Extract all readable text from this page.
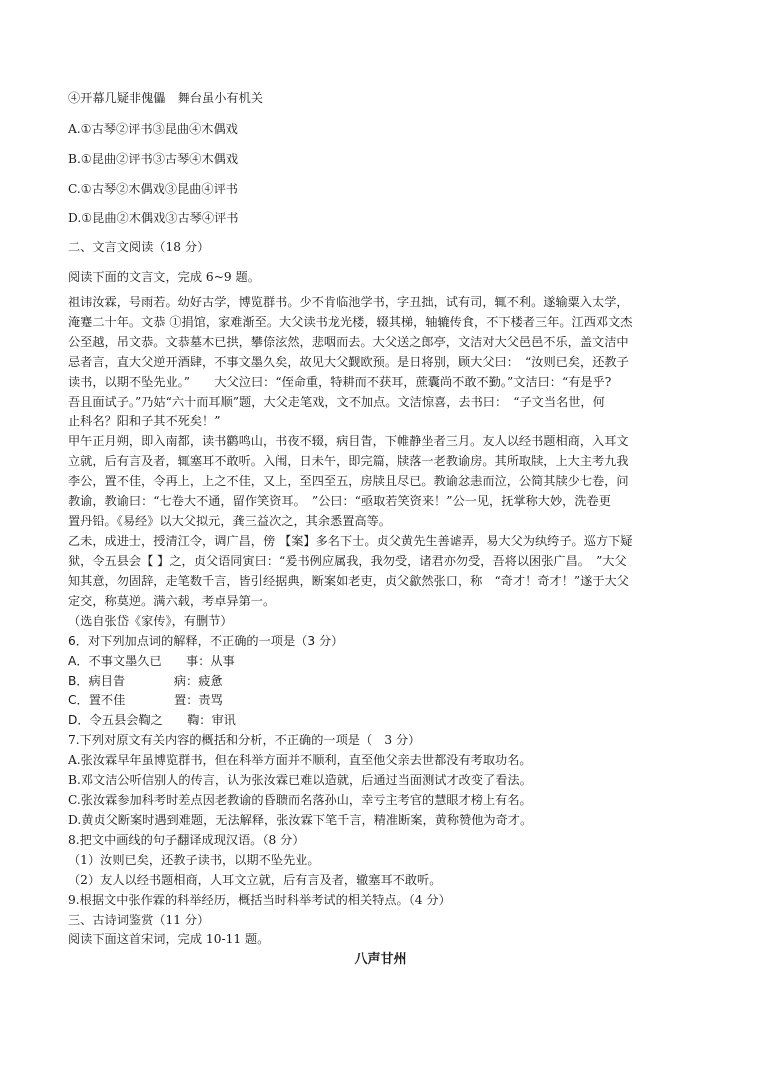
④开幕几疑非傀儡　舞台虽小有机关
A.①古琴②评书③昆曲④木偶戏
B.①昆曲②评书③古琴④木偶戏
C.①古琴②木偶戏③昆曲④评书
D.①昆曲②木偶戏③古琴④评书
二、文言文阅读（18 分）
阅读下面的文言文，完成 6~9 题。
祖讳汝霖，号雨若。幼好古学，博览群书。少不肯临池学书，字丑拙，试有司，辄不利。遂输粟入太学，
淹蹇二十年。文恭 ①捐馆，家难渐至。大父读书龙光楼，辍其梯，轴辘传食，不下楼者三年。江西邓文杰
公至越，吊文恭。文恭墓木已拱，攀倷泫然，悲咽而去。大父送之郎亭，文洁对大父邑邑不乐，盖文洁中
忌者言，直大父逆开酒肆，不事文墨久矣，故见大父觐欧预。是日将别，顾大父曰：　“汝则已矣，还教子
读书，以期不坠先业。”　　大父泣曰：“侄命重，特耕而不获耳，蔗囊尚不敢不勤。”文洁曰：“有是乎?
吾且面试子。”乃姑“六十而耳顺”题，大父走笔戏，文不加点。文洁惊喜，去书曰：　“子文当名世，何
止科名？阳和子其不死矣！”
甲午正月朔，即入南都，读书鹳鸣山，书夜不辍，病目眚，下帷静坐者三月。友人以经书题相商，入耳文
立就，后有言及者，辄塞耳不敢听。入闱，日未午，即完篇，牍落一老教谕房。其所取牍，上大主考九我
李公，置不佳，令再上，上之不佳，又上，至四至五，房牍且尽已。教谕忿恚而泣，公简其牍少七卷，问
教谕，教谕曰：“七卷大不通，留作笑资耳。　”公曰：“亟取若笑资来！”公一见，抚掌称大妙，洗卷更
置丹铅。《易经》以大父拟元，龚三益次之，其余悉置高等。
乙未，成进士，授清江令，调广昌，傍 【案】多名下士。贞父黄先生善谑弄，易大父为纨绔子。巡方下疑
狱，令五县会【 】之，贞父语同寅曰：“爰书例应属我，我勿受，诸君亦勿受，吾将以困张广昌。　”大父
知其意，勿固辞，走笔数千言，皆引经据典，断案如老吏，贞父歙然张口，称　“奇才！奇才！”遂于大父
定交，称莫逆。满六载，考卓异第一。
（选自张岱《家传》，有删节）
6．对下列加点词的解释，不正确的一项是（3 分）
A．不事文墨久已　　事：从事
B．病目眚　　　　病：疲惫
C．置不佳　　　　置：责骂
D．令五县会鞫之　　鞫：审讯
7.下列对原文有关内容的概括和分析，不正确的一项是（　3 分）
A.张汝霖早年虽博览群书，但在科举方面并不顺利，直至他父亲去世都没有考取功名。
B.邓文洁公听信别人的传言，认为张汝霖已难以造就，后通过当面测试才改变了看法。
C.张汝霖参加科考时差点因老教谕的昏聩而名落孙山，幸亏主考官的慧眼才榜上有名。
D.黄贞父断案时遇到难题，无法解释，张汝霖下笔千言，精准断案，黄称赞他为奇才。
8.把文中画线的句子翻译成现汉语。（8 分）
（1）汝则已矣，还教子读书，以期不坠先业。
（2）友人以经书题相商，人耳文立就，后有言及者，辙塞耳不敢听。
9.根据文中张作霖的科举经历，概括当时科举考试的相关特点。（4 分）
三、古诗词鉴赏（11 分）
阅读下面这首宋词，完成 10-11 题。
八声甘州
